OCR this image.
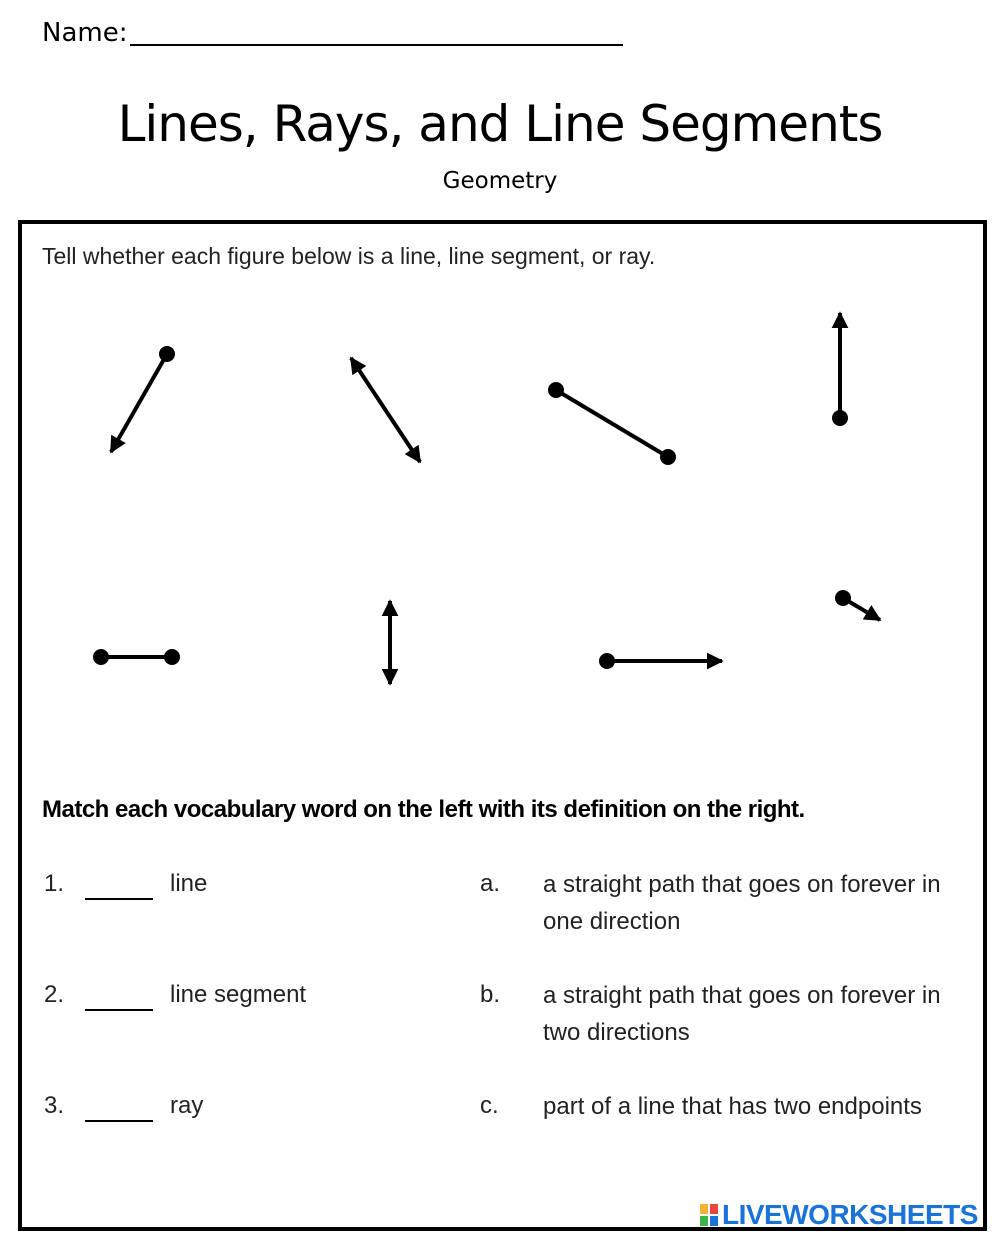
Name:
Lines, Rays, and Line Segments
Geometry
Tell whether each figure below is a line, line segment, or ray.
Match each vocabulary word on the left with its definition on the right.
1.	line
2.	line segment
3.	ray
a. a straight path that goes on forever in one direction
b. a straight path that goes on forever in two directions
c. part of a line that has two endpoints
LIVEWORKSHEETS
